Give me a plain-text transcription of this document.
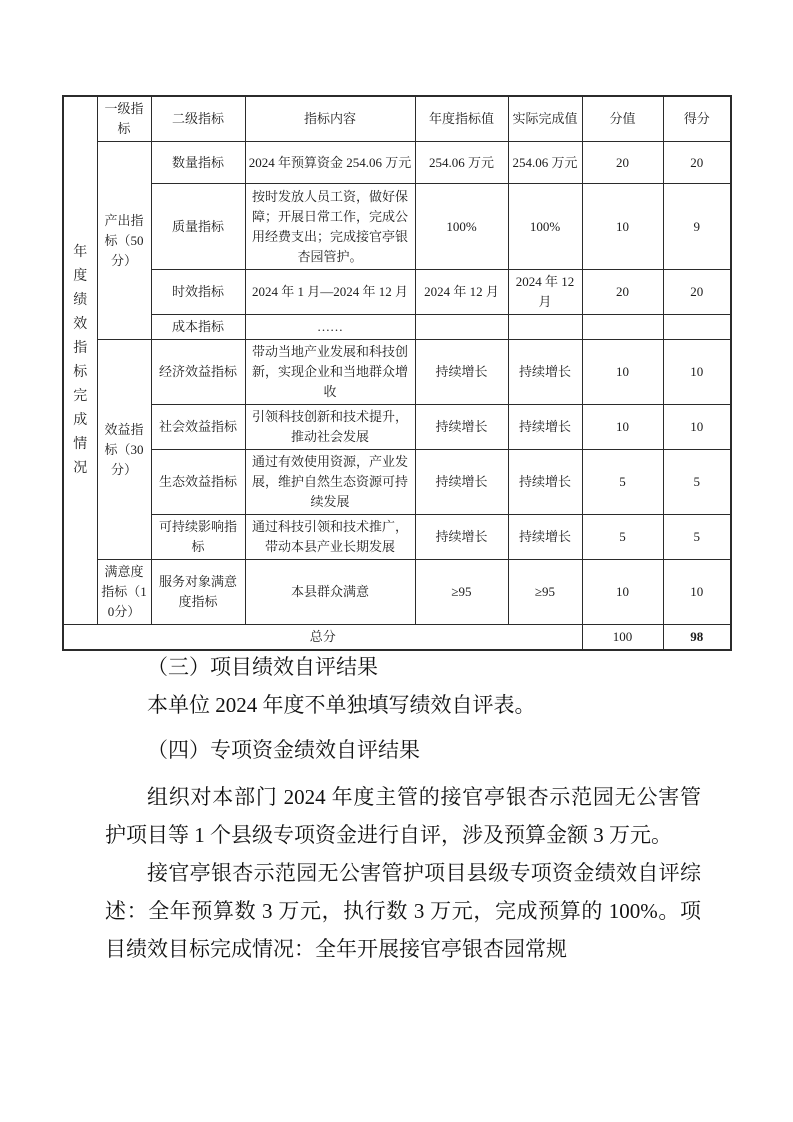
年度绩效指标完成情况	一级指标	二级指标	指标内容	年度指标值	实际完成值	分值	得分
	产出指标（50分）	数量指标	2024 年预算资金 254.06 万元	254.06 万元	254.06 万元	20	20
		质量指标	按时发放人员工资，做好保障；开展日常工作，完成公用经费支出；完成接官亭银杏园管护。	100%	100%	10	9
		时效指标	2024 年 1 月—2024 年 12 月	2024 年 12 月	2024 年 12 月	20	20
		成本指标	……				
	效益指标（30分）	经济效益指标	带动当地产业发展和科技创新，实现企业和当地群众增收	持续增长	持续增长	10	10
		社会效益指标	引领科技创新和技术提升，推动社会发展	持续增长	持续增长	10	10
		生态效益指标	通过有效使用资源，产业发展，维护自然生态资源可持续发展	持续增长	持续增长	5	5
		可持续影响指标	通过科技引领和技术推广，带动本县产业长期发展	持续增长	持续增长	5	5
	满意度指标（10分）	服务对象满意度指标	本县群众满意	≥95	≥95	10	10
总分						100	98

（三）项目绩效自评结果

本单位 2024 年度不单独填写绩效自评表。

（四）专项资金绩效自评结果

组织对本部门 2024 年度主管的接官亭银杏示范园无公害管护项目等 1 个县级专项资金进行自评，涉及预算金额 3 万元。

接官亭银杏示范园无公害管护项目县级专项资金绩效自评综述：全年预算数 3 万元，执行数 3 万元，完成预算的 100%。项目绩效目标完成情况：全年开展接官亭银杏园常规
